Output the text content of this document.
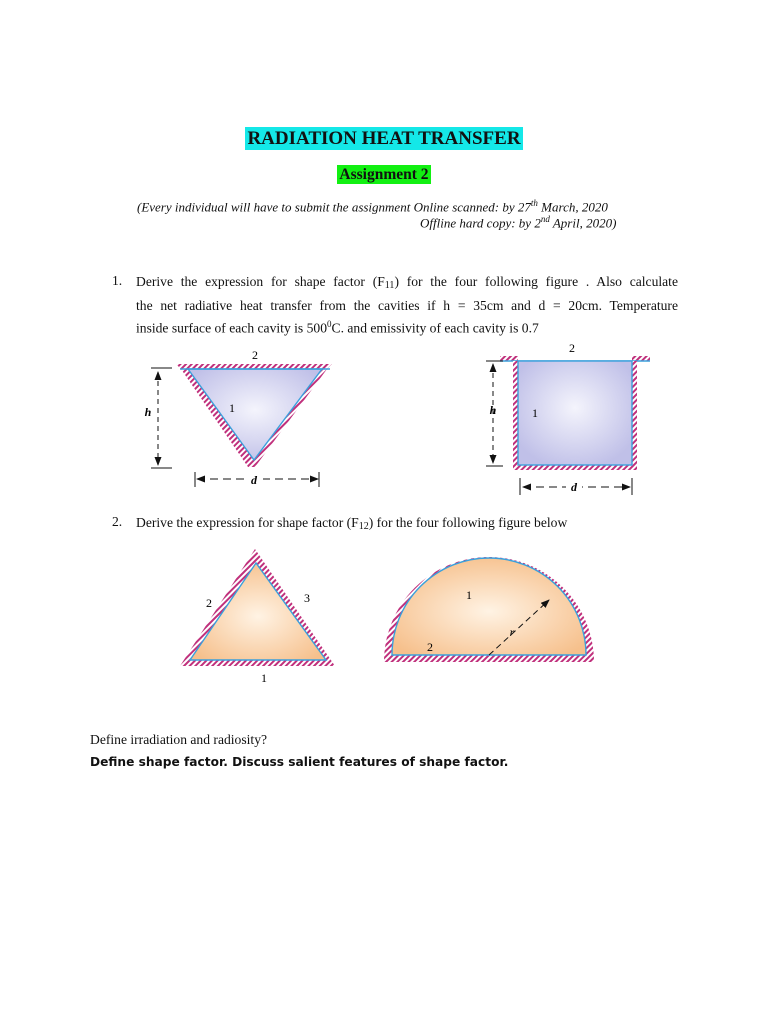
RADIATION HEAT TRANSFER
Assignment 2
(Every individual will have to submit the assignment Online scanned: by 27th March, 2020
Offline hard copy: by 2nd April, 2020)
1. Derive the expression for shape factor (F11) for the four following figure . Also calculate
the net radiative heat transfer from the cavities if h = 35cm and d = 20cm. Temperature
inside surface of each cavity is $500^0C$. and emissivity of each cavity is 0.7
2
1
h
d
2
1
h
d
2	3
1
1
2
r
2. Derive the expression for shape factor (F12) for the four following figure below
Define irradiation and radiosity?
Define shape factor. Discuss salient features of shape factor.
